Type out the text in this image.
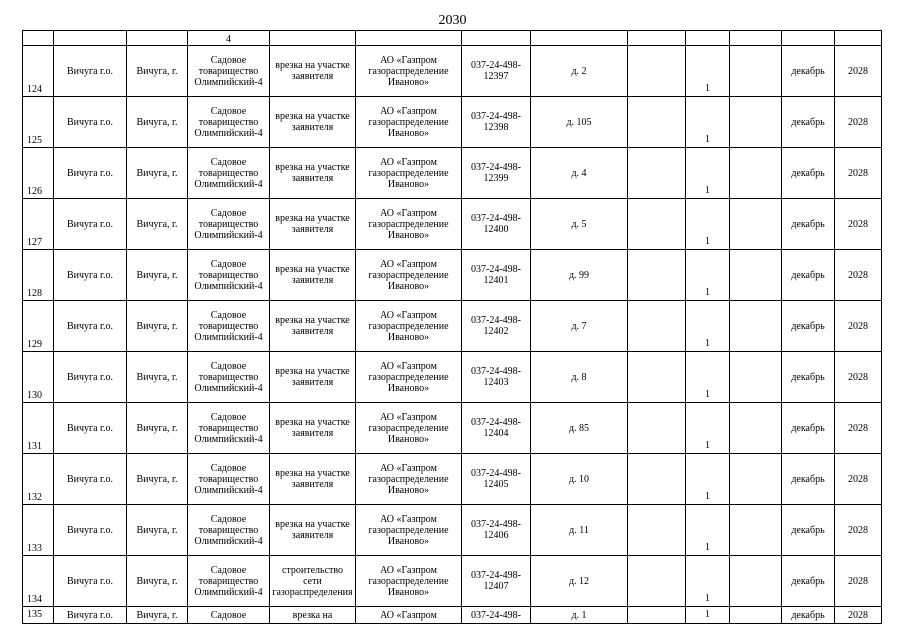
2030
			4									
124	Вичуга г.о.	Вичуга, г.	Садовое товарищество Олимпийский-4	врезка на участке заявителя	АО «Газпром газораспределение Иваново»	037-24-498-12397	д. 2		1		декабрь	2028
125	Вичуга г.о.	Вичуга, г.	Садовое товарищество Олимпийский-4	врезка на участке заявителя	АО «Газпром газораспределение Иваново»	037-24-498-12398	д. 105		1		декабрь	2028
126	Вичуга г.о.	Вичуга, г.	Садовое товарищество Олимпийский-4	врезка на участке заявителя	АО «Газпром газораспределение Иваново»	037-24-498-12399	д. 4		1		декабрь	2028
127	Вичуга г.о.	Вичуга, г.	Садовое товарищество Олимпийский-4	врезка на участке заявителя	АО «Газпром газораспределение Иваново»	037-24-498-12400	д. 5		1		декабрь	2028
128	Вичуга г.о.	Вичуга, г.	Садовое товарищество Олимпийский-4	врезка на участке заявителя	АО «Газпром газораспределение Иваново»	037-24-498-12401	д. 99		1		декабрь	2028
129	Вичуга г.о.	Вичуга, г.	Садовое товарищество Олимпийский-4	врезка на участке заявителя	АО «Газпром газораспределение Иваново»	037-24-498-12402	д. 7		1		декабрь	2028
130	Вичуга г.о.	Вичуга, г.	Садовое товарищество Олимпийский-4	врезка на участке заявителя	АО «Газпром газораспределение Иваново»	037-24-498-12403	д. 8		1		декабрь	2028
131	Вичуга г.о.	Вичуга, г.	Садовое товарищество Олимпийский-4	врезка на участке заявителя	АО «Газпром газораспределение Иваново»	037-24-498-12404	д. 85		1		декабрь	2028
132	Вичуга г.о.	Вичуга, г.	Садовое товарищество Олимпийский-4	врезка на участке заявителя	АО «Газпром газораспределение Иваново»	037-24-498-12405	д. 10		1		декабрь	2028
133	Вичуга г.о.	Вичуга, г.	Садовое товарищество Олимпийский-4	врезка на участке заявителя	АО «Газпром газораспределение Иваново»	037-24-498-12406	д. 11		1		декабрь	2028
134	Вичуга г.о.	Вичуга, г.	Садовое товарищество Олимпийский-4	строительство сети газораспределения	АО «Газпром газораспределение Иваново»	037-24-498-12407	д. 12		1		декабрь	2028
135	Вичуга г.о.	Вичуга, г.	Садовое	врезка на	АО «Газпром	037-24-498-	д. 1		1		декабрь	2028
